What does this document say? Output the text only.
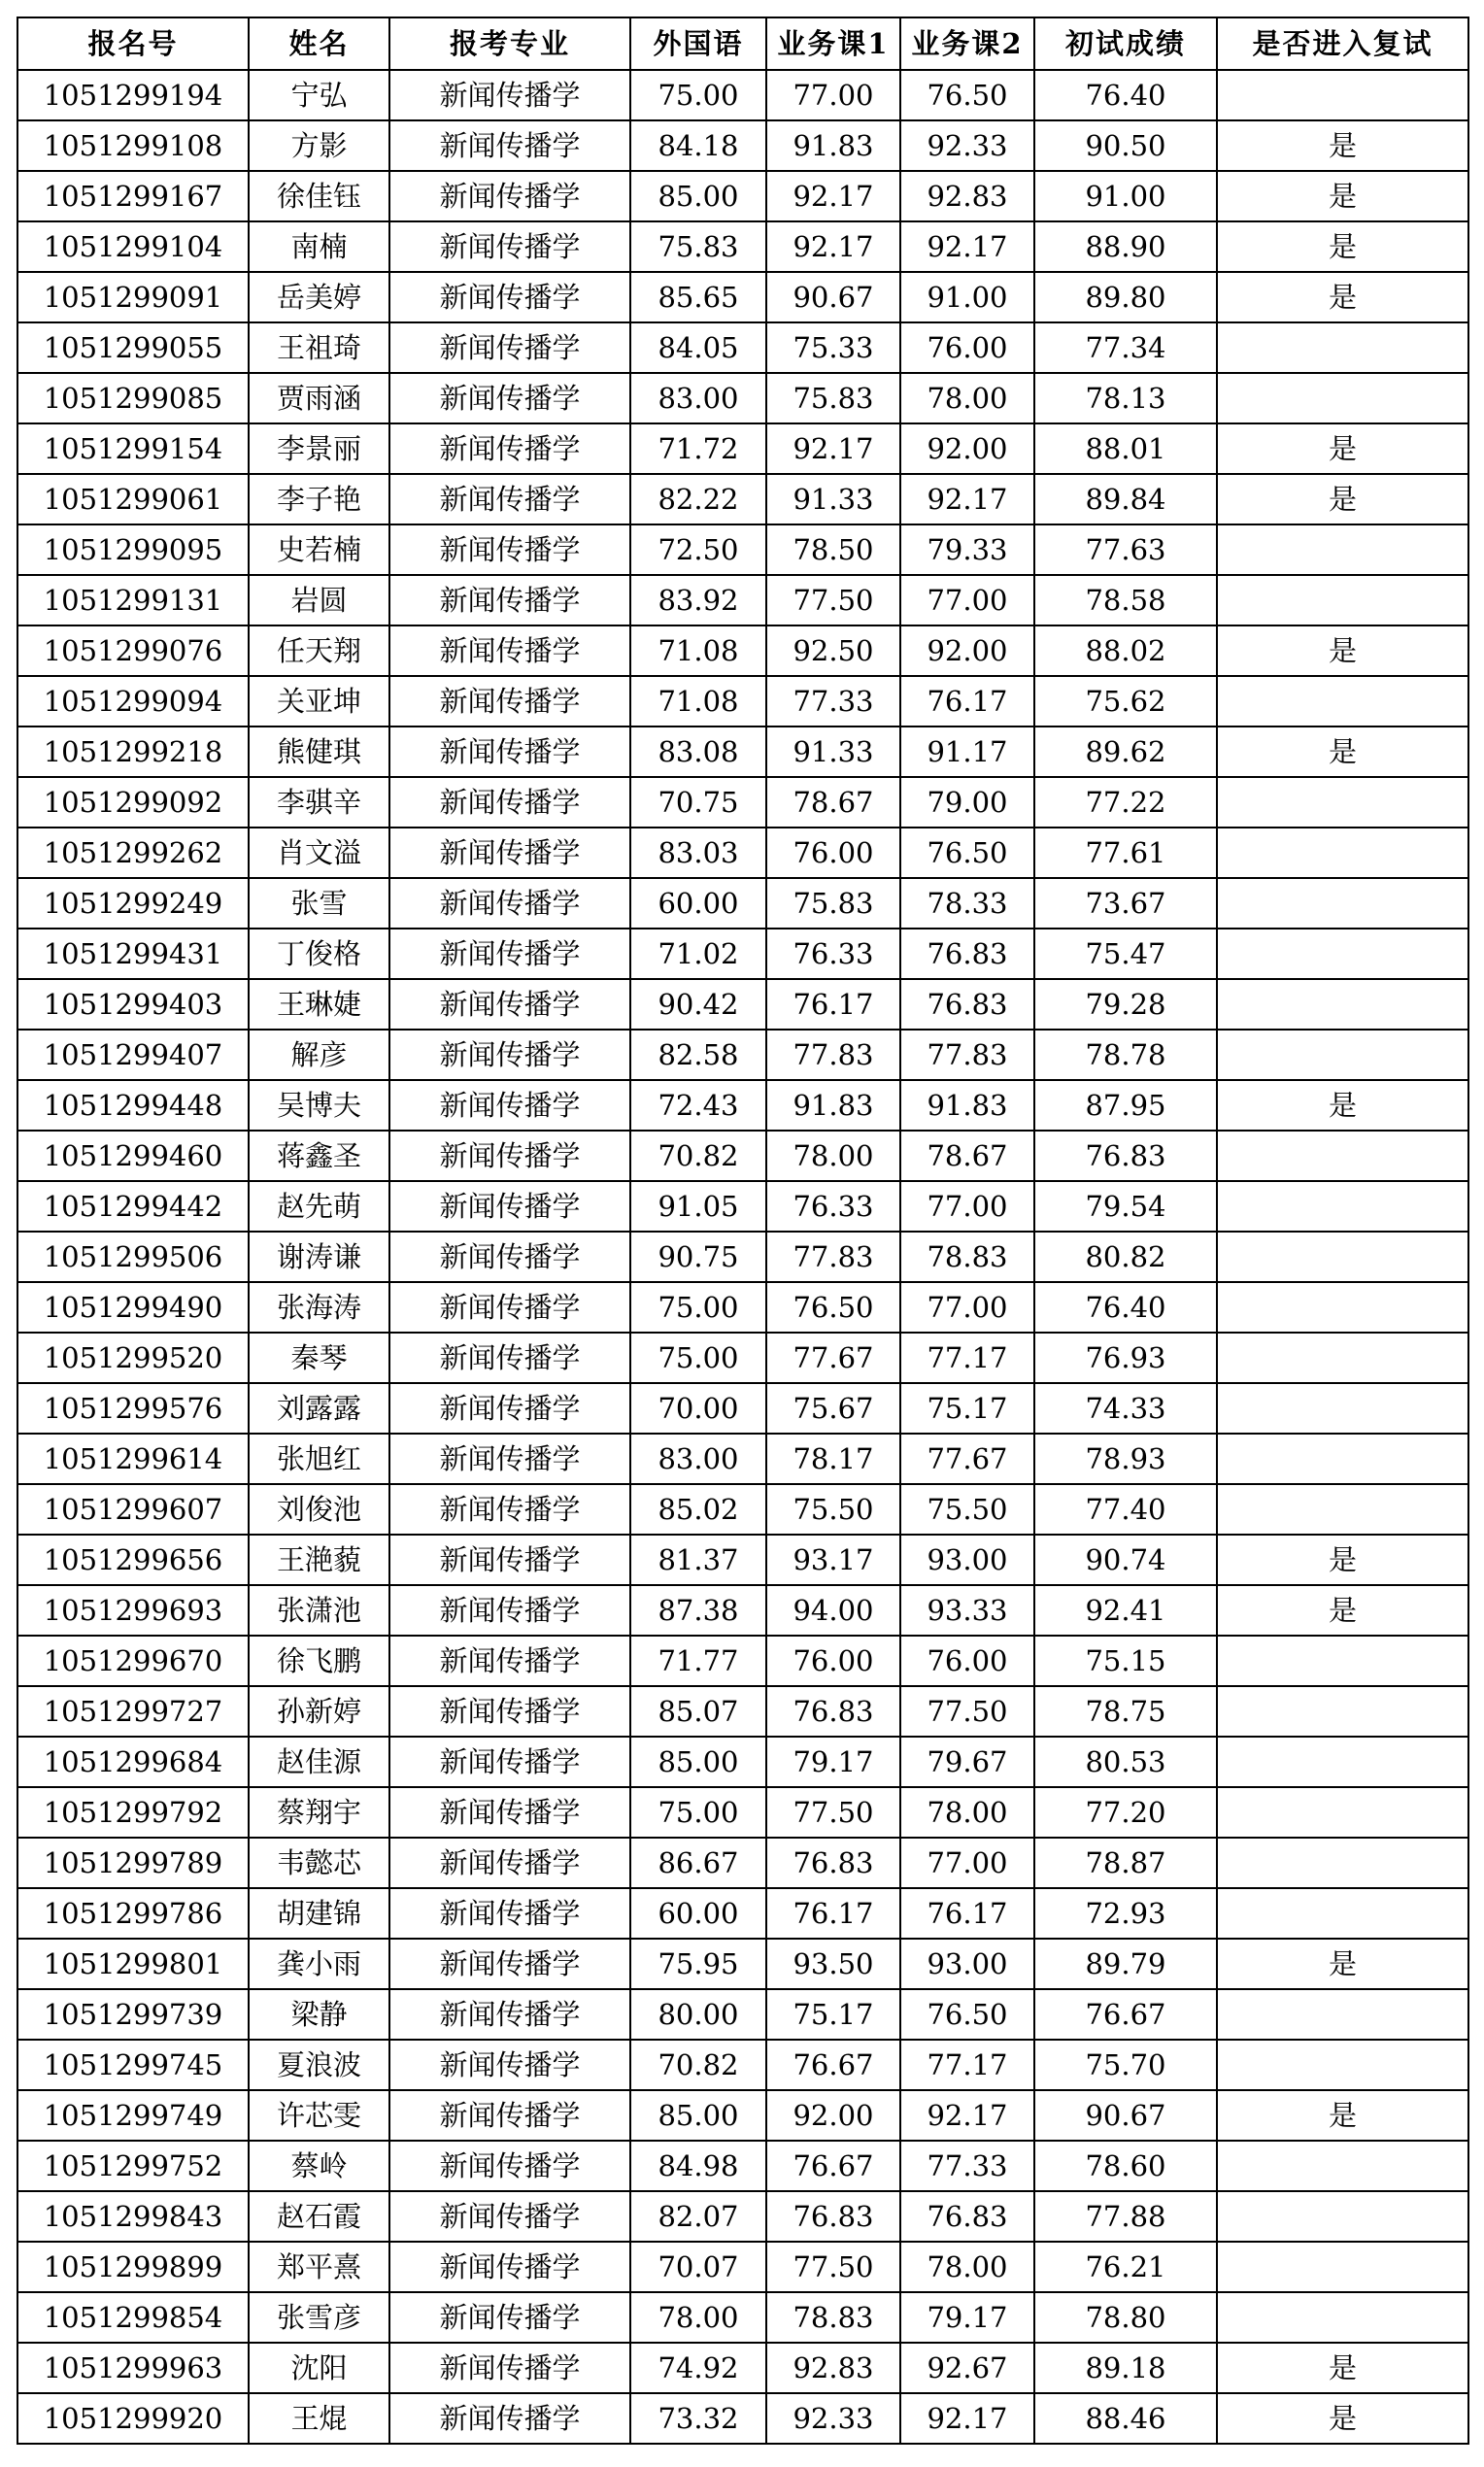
报名号	姓名	报考专业	外国语	业务课1	业务课2	初试成绩	是否进入复试
1051299194	宁弘	新闻传播学	75.00	77.00	76.50	76.40	
1051299108	方影	新闻传播学	84.18	91.83	92.33	90.50	是
1051299167	徐佳钰	新闻传播学	85.00	92.17	92.83	91.00	是
1051299104	南楠	新闻传播学	75.83	92.17	92.17	88.90	是
1051299091	岳美婷	新闻传播学	85.65	90.67	91.00	89.80	是
1051299055	王祖琦	新闻传播学	84.05	75.33	76.00	77.34	
1051299085	贾雨涵	新闻传播学	83.00	75.83	78.00	78.13	
1051299154	李景丽	新闻传播学	71.72	92.17	92.00	88.01	是
1051299061	李子艳	新闻传播学	82.22	91.33	92.17	89.84	是
1051299095	史若楠	新闻传播学	72.50	78.50	79.33	77.63	
1051299131	岩圆	新闻传播学	83.92	77.50	77.00	78.58	
1051299076	任天翔	新闻传播学	71.08	92.50	92.00	88.02	是
1051299094	关亚坤	新闻传播学	71.08	77.33	76.17	75.62	
1051299218	熊健琪	新闻传播学	83.08	91.33	91.17	89.62	是
1051299092	李骐辛	新闻传播学	70.75	78.67	79.00	77.22	
1051299262	肖文溢	新闻传播学	83.03	76.00	76.50	77.61	
1051299249	张雪	新闻传播学	60.00	75.83	78.33	73.67	
1051299431	丁俊格	新闻传播学	71.02	76.33	76.83	75.47	
1051299403	王琳婕	新闻传播学	90.42	76.17	76.83	79.28	
1051299407	解彦	新闻传播学	82.58	77.83	77.83	78.78	
1051299448	吴博夫	新闻传播学	72.43	91.83	91.83	87.95	是
1051299460	蒋鑫圣	新闻传播学	70.82	78.00	78.67	76.83	
1051299442	赵先萌	新闻传播学	91.05	76.33	77.00	79.54	
1051299506	谢涛谦	新闻传播学	90.75	77.83	78.83	80.82	
1051299490	张海涛	新闻传播学	75.00	76.50	77.00	76.40	
1051299520	秦琴	新闻传播学	75.00	77.67	77.17	76.93	
1051299576	刘露露	新闻传播学	70.00	75.67	75.17	74.33	
1051299614	张旭红	新闻传播学	83.00	78.17	77.67	78.93	
1051299607	刘俊池	新闻传播学	85.02	75.50	75.50	77.40	
1051299656	王滟藐	新闻传播学	81.37	93.17	93.00	90.74	是
1051299693	张潇池	新闻传播学	87.38	94.00	93.33	92.41	是
1051299670	徐飞鹏	新闻传播学	71.77	76.00	76.00	75.15	
1051299727	孙新婷	新闻传播学	85.07	76.83	77.50	78.75	
1051299684	赵佳源	新闻传播学	85.00	79.17	79.67	80.53	
1051299792	蔡翔宇	新闻传播学	75.00	77.50	78.00	77.20	
1051299789	韦懿芯	新闻传播学	86.67	76.83	77.00	78.87	
1051299786	胡建锦	新闻传播学	60.00	76.17	76.17	72.93	
1051299801	龚小雨	新闻传播学	75.95	93.50	93.00	89.79	是
1051299739	梁静	新闻传播学	80.00	75.17	76.50	76.67	
1051299745	夏浪波	新闻传播学	70.82	76.67	77.17	75.70	
1051299749	许芯雯	新闻传播学	85.00	92.00	92.17	90.67	是
1051299752	蔡岭	新闻传播学	84.98	76.67	77.33	78.60	
1051299843	赵石霞	新闻传播学	82.07	76.83	76.83	77.88	
1051299899	郑平熹	新闻传播学	70.07	77.50	78.00	76.21	
1051299854	张雪彦	新闻传播学	78.00	78.83	79.17	78.80	
1051299963	沈阳	新闻传播学	74.92	92.83	92.67	89.18	是
1051299920	王焜	新闻传播学	73.32	92.33	92.17	88.46	是
